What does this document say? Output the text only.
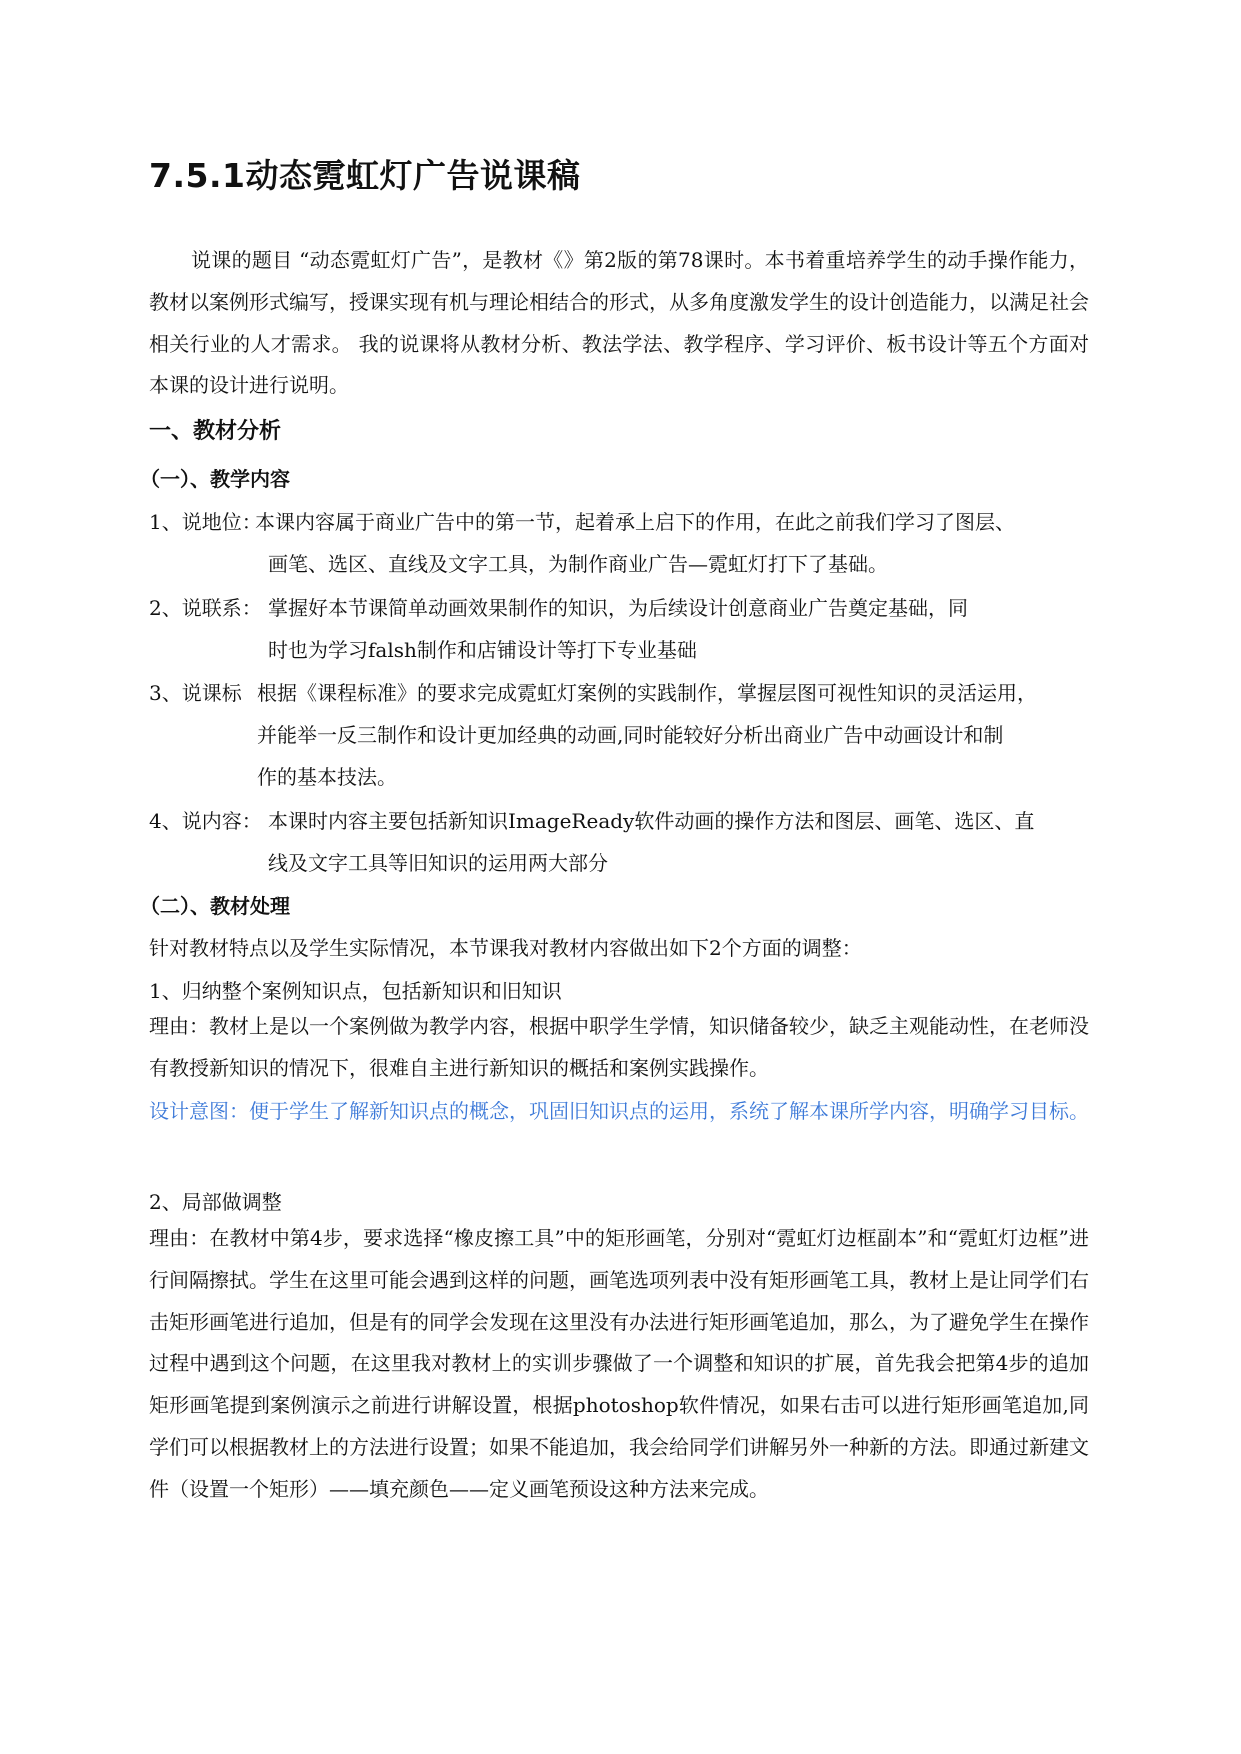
7.5.1动态霓虹灯广告说课稿
说课的题目 “动态霓虹灯广告”，是教材《》第2版的第78课时。本书着重培养学生的动手操作能力，教材以案例形式编写，授课实现有机与理论相结合的形式，从多角度激发学生的设计创造能力，以满足社会相关行业的人才需求。 我的说课将从教材分析、教法学法、教学程序、学习评价、板书设计等五个方面对本课的设计进行说明。
一、教材分析
（一）、教学内容
1、说地位：
本课内容属于商业广告中的第一节，起着承上启下的作用，在此之前我们学习了图层、
画笔、选区、直线及文字工具，为制作商业广告—霓虹灯打下了基础。
2、说联系： 掌握好本节课简单动画效果制作的知识，为后续设计创意商业广告奠定基础，同
时也为学习falsh制作和店铺设计等打下专业基础
3、说课标 根据《课程标准》的要求完成霓虹灯案例的实践制作，掌握层图可视性知识的灵活运用，
并能举一反三制作和设计更加经典的动画,同时能较好分析出商业广告中动画设计和制
作的基本技法。
4、说内容： 本课时内容主要包括新知识ImageReady软件动画的操作方法和图层、画笔、选区、直
线及文字工具等旧知识的运用两大部分
（二）、教材处理
针对教材特点以及学生实际情况，本节课我对教材内容做出如下2个方面的调整：
1、归纳整个案例知识点，包括新知识和旧知识
理由：教材上是以一个案例做为教学内容，根据中职学生学情，知识储备较少，缺乏主观能动性，在老师没有教授新知识的情况下，很难自主进行新知识的概括和案例实践操作。
设计意图：便于学生了解新知识点的概念，巩固旧知识点的运用，系统了解本课所学内容，明确学习目标。
2、局部做调整
理由：在教材中第4步，要求选择“橡皮擦工具”中的矩形画笔，分别对“霓虹灯边框副本”和“霓虹灯边框”进行间隔擦拭。学生在这里可能会遇到这样的问题，画笔选项列表中没有矩形画笔工具，教材上是让同学们右击矩形画笔进行追加，但是有的同学会发现在这里没有办法进行矩形画笔追加，那么，为了避免学生在操作过程中遇到这个问题，在这里我对教材上的实训步骤做了一个调整和知识的扩展，首先我会把第4步的追加矩形画笔提到案例演示之前进行讲解设置，根据photoshop软件情况，如果右击可以进行矩形画笔追加,同学们可以根据教材上的方法进行设置；如果不能追加，我会给同学们讲解另外一种新的方法。即通过新建文件（设置一个矩形）——填充颜色——定义画笔预设这种方法来完成。
